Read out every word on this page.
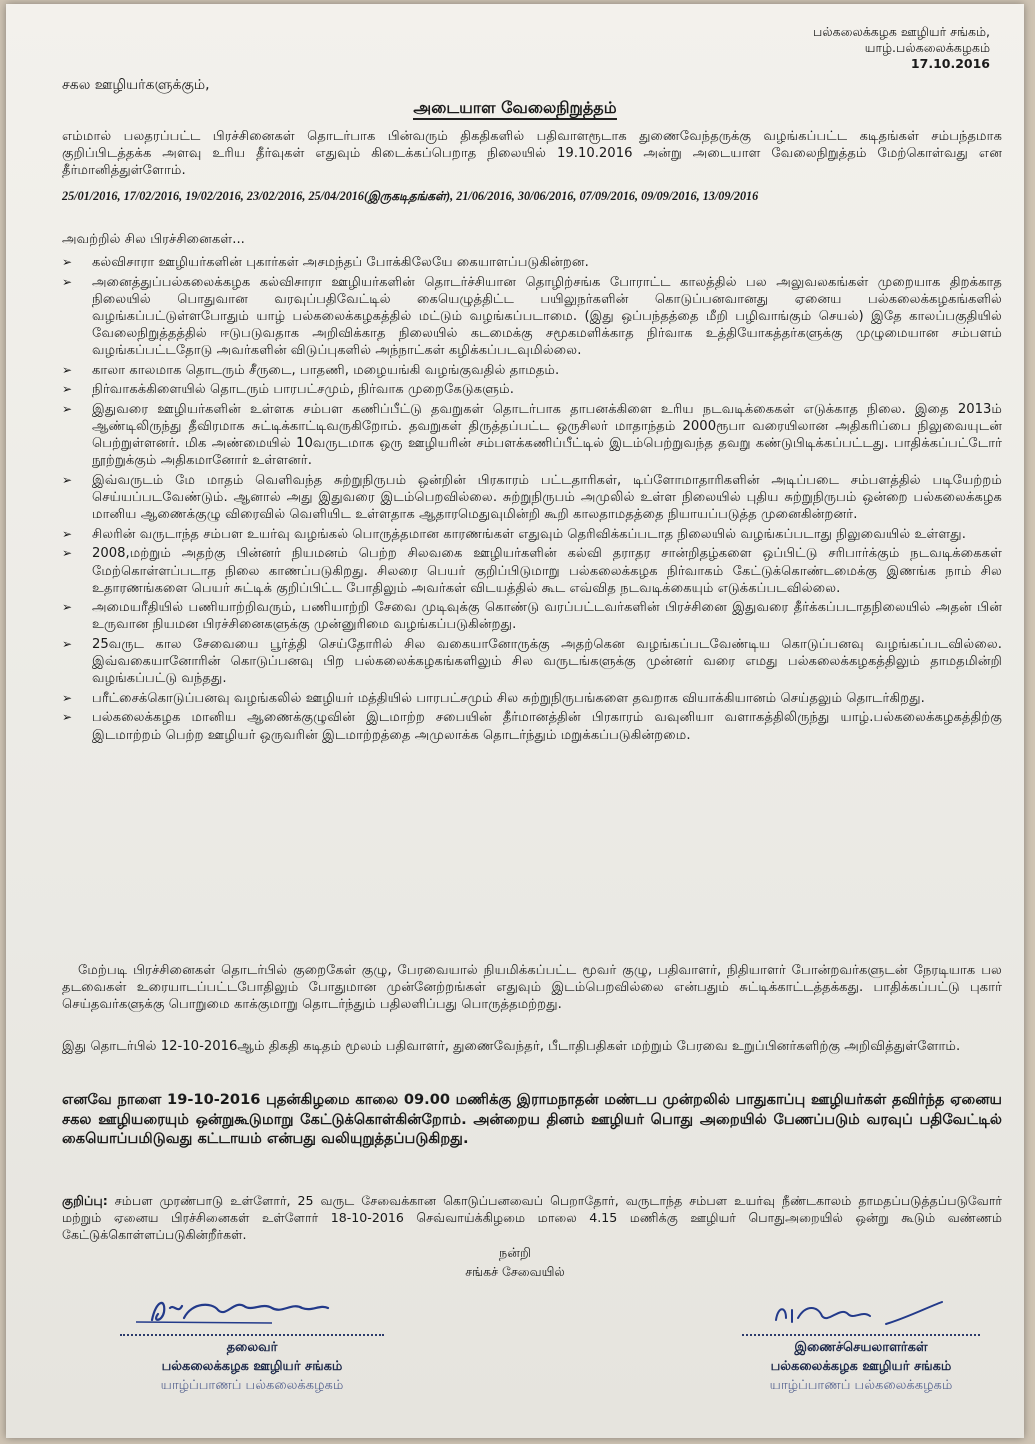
பல்கலைக்கழக ஊழியர் சங்கம்,
யாழ்.பல்கலைக்கழகம்
17.10.2016
சகல ஊழியர்களுக்கும்,
அடையாள வேலைநிறுத்தம்
எம்மால் பலதரப்பட்ட பிரச்சினைகள் தொடர்பாக பின்வரும் திகதிகளில் பதிவாளரூடாக துணைவேந்தருக்கு வழங்கப்பட்ட கடிதங்கள் சம்பந்தமாக குறிப்பிடத்தக்க அளவு உரிய தீர்வுகள் எதுவும் கிடைக்கப்பெறாத நிலையில் 19.10.2016 அன்று அடையாள வேலைநிறுத்தம் மேற்கொள்வது என தீர்மானித்துள்ளோம்.
25/01/2016, 17/02/2016, 19/02/2016, 23/02/2016, 25/04/2016(இருகடிதங்கள்), 21/06/2016, 30/06/2016, 07/09/2016, 09/09/2016, 13/09/2016
அவற்றில் சில பிரச்சினைகள்...
➢ கல்விசாரா ஊழியர்களின் புகார்கள் அசமந்தப் போக்கிலேயே கையாளப்படுகின்றன.
➢ அனைத்துப்பல்கலைக்கழக கல்விசாரா ஊழியர்களின் தொடர்ச்சியான தொழிற்சங்க போராட்ட காலத்தில் பல அலுவலகங்கள் முறையாக திறக்காத நிலையில் பொதுவான வரவுப்பதிவேட்டில் கையெழுத்திட்ட பயிலுநர்களின் கொடுப்பனவானது ஏனைய பல்கலைக்கழகங்களில் வழங்கப்பட்டுள்ளபோதும் யாழ் பல்கலைக்கழகத்தில் மட்டும் வழங்கப்படாமை. (இது ஒப்பந்தத்தை மீறி பழிவாங்கும் செயல்) இதே காலப்பகுதியில் வேலைநிறுத்தத்தில் ஈடுபடுவதாக அறிவிக்காத நிலையில் கடமைக்கு சமூகமளிக்காத நிர்வாக உத்தியோகத்தர்களுக்கு முழுமையான சம்பளம் வழங்கப்பட்டதோடு அவர்களின் விடுப்புகளில் அந்நாட்கள் கழிக்கப்படவுமில்லை.
➢ காலா காலமாக தொடரும் சீருடை, பாதணி, மழையங்கி வழங்குவதில் தாமதம்.
➢ நிர்வாகக்கிளையில் தொடரும் பாரபட்சமும், நிர்வாக முறைகேடுகளும்.
➢ இதுவரை ஊழியர்களின் உள்ளக சம்பள கணிப்பீட்டு தவறுகள் தொடர்பாக தாபனக்கிளை உரிய நடவடிக்கைகள் எடுக்காத நிலை. இதை 2013ம் ஆண்டிலிருந்து தீவிரமாக சுட்டிக்காட்டிவருகிறோம். தவறுகள் திருத்தப்பட்ட ஒருசிலர் மாதாந்தம் 2000ரூபா வரையிலான அதிகரிப்பை நிலுவையுடன் பெற்றுள்ளனர். மிக அண்மையில் 10வருடமாக ஒரு ஊழியரின் சம்பளக்கணிப்பீட்டில் இடம்பெற்றுவந்த தவறு கண்டுபிடிக்கப்பட்டது. பாதிக்கப்பட்டோர் நூற்றுக்கும் அதிகமானோர் உள்ளனர்.
➢ இவ்வருடம் மே மாதம் வெளிவந்த சுற்றுநிருபம் ஒன்றின் பிரகாரம் பட்டதாரிகள், டிப்ளோமாதாரிகளின் அடிப்படை சம்பளத்தில் படியேற்றம் செய்யப்படவேண்டும். ஆனால் அது இதுவரை இடம்பெறவில்லை. சுற்றுநிருபம் அமுலில் உள்ள நிலையில் புதிய சுற்றுநிருபம் ஒன்றை பல்கலைக்கழக மானிய ஆணைக்குழு விரைவில் வெளியிட உள்ளதாக ஆதாரமெதுவுமின்றி கூறி காலதாமதத்தை நியாயப்படுத்த முனைகின்றனர்.
➢ சிலரின் வருடாந்த சம்பள உயர்வு வழங்கல் பொருத்தமான காரணங்கள் எதுவும் தெரிவிக்கப்படாத நிலையில் வழங்கப்படாது நிலுவையில் உள்ளது.
➢ 2008,மற்றும் அதற்கு பின்னர் நியமனம் பெற்ற சிலவகை ஊழியர்களின் கல்வி தராதர சான்றிதழ்களை ஒப்பிட்டு சரிபார்க்கும் நடவடிக்கைகள் மேற்கொள்ளப்படாத நிலை காணப்படுகிறது. சிலரை பெயர் குறிப்பிடுமாறு பல்கலைக்கழக நிர்வாகம் கேட்டுக்கொண்டமைக்கு இணங்க நாம் சில உதாரணங்களை பெயர் சுட்டிக் குறிப்பிட்ட போதிலும் அவர்கள் விடயத்தில் கூட எவ்வித நடவடிக்கையும் எடுக்கப்படவில்லை.
➢ அமையரீதியில் பணியாற்றிவரும், பணியாற்றி சேவை முடிவுக்கு கொண்டு வரப்பட்டவர்களின் பிரச்சினை இதுவரை தீர்க்கப்படாதநிலையில் அதன் பின் உருவான நியமன பிரச்சினைகளுக்கு முன்னுரிமை வழங்கப்படுகின்றது.
➢ 25வருட கால சேவையை பூர்த்தி செய்தோரில் சில வகையானோருக்கு அதற்கென வழங்கப்படவேண்டிய கொடுப்பனவு வழங்கப்படவில்லை. இவ்வகையானோரின் கொடுப்பனவு பிற பல்கலைக்கழகங்களிலும் சில வருடங்களுக்கு முன்னர் வரை எமது பல்கலைக்கழகத்திலும் தாமதமின்றி வழங்கப்பட்டு வந்தது.
➢ பரீட்சைக்கொடுப்பனவு வழங்கலில் ஊழியர் மத்தியில் பாரபட்சமும் சில சுற்றுநிருபங்களை தவறாக வியாக்கியானம் செய்தலும் தொடர்கிறது.
➢ பல்கலைக்கழக மானிய ஆணைக்குழுவின் இடமாற்ற சபையின் தீர்மானத்தின் பிரகாரம் வவுனியா வளாகத்திலிருந்து யாழ்.பல்கலைக்கழகத்திற்கு இடமாற்றம் பெற்ற ஊழியர் ஒருவரின் இடமாற்றத்தை அமுலாக்க தொடர்ந்தும் மறுக்கப்படுகின்றமை.
மேற்படி பிரச்சினைகள் தொடர்பில் குறைகேள் குழு, பேரவையால் நியமிக்கப்பட்ட மூவர் குழு, பதிவாளர், நிதியாளர் போன்றவர்களுடன் நேரடியாக பல தடவைகள் உரையாடப்பட்டபோதிலும் போதுமான முன்னேற்றங்கள் எதுவும் இடம்பெறவில்லை என்பதும் சுட்டிக்காட்டத்தக்கது. பாதிக்கப்பட்டு புகார் செய்தவர்களுக்கு பொறுமை காக்குமாறு தொடர்ந்தும் பதிலளிப்பது பொருத்தமற்றது.
இது தொடர்பில் 12-10-2016ஆம் திகதி கடிதம் மூலம் பதிவாளர், துணைவேந்தர், பீடாதிபதிகள் மற்றும் பேரவை உறுப்பினர்களிற்கு அறிவித்துள்ளோம்.
எனவே நாளை 19-10-2016 புதன்கிழமை காலை 09.00 மணிக்கு இராமநாதன் மண்டப முன்றலில் பாதுகாப்பு ஊழியர்கள் தவிர்ந்த ஏனைய சகல ஊழியரையும் ஒன்றுகூடுமாறு கேட்டுக்கொள்கின்றோம். அன்றைய தினம் ஊழியர் பொது அறையில் பேணப்படும் வரவுப் பதிவேட்டில் கையொப்பமிடுவது கட்டாயம் என்பது வலியுறுத்தப்படுகிறது.
குறிப்பு: சம்பள முரண்பாடு உள்ளோர், 25 வருட சேவைக்கான கொடுப்பனவைப் பெறாதோர், வருடாந்த சம்பள உயர்வு நீண்டகாலம் தாமதப்படுத்தப்படுவோர் மற்றும் ஏனைய பிரச்சினைகள் உள்ளோர் 18-10-2016 செவ்வாய்க்கிழமை மாலை 4.15 மணிக்கு ஊழியர் பொதுஅறையில் ஒன்று கூடும் வண்ணம் கேட்டுக்கொள்ளப்படுகின்றீர்கள்.
நன்றி
சங்கச் சேவையில்
தலைவர்
பல்கலைக்கழக ஊழியர் சங்கம்
யாழ்ப்பாணப் பல்கலைக்கழகம்
இணைச்செயலாளர்கள்
பல்கலைக்கழக ஊழியர் சங்கம்
யாழ்ப்பாணப் பல்கலைக்கழகம்
